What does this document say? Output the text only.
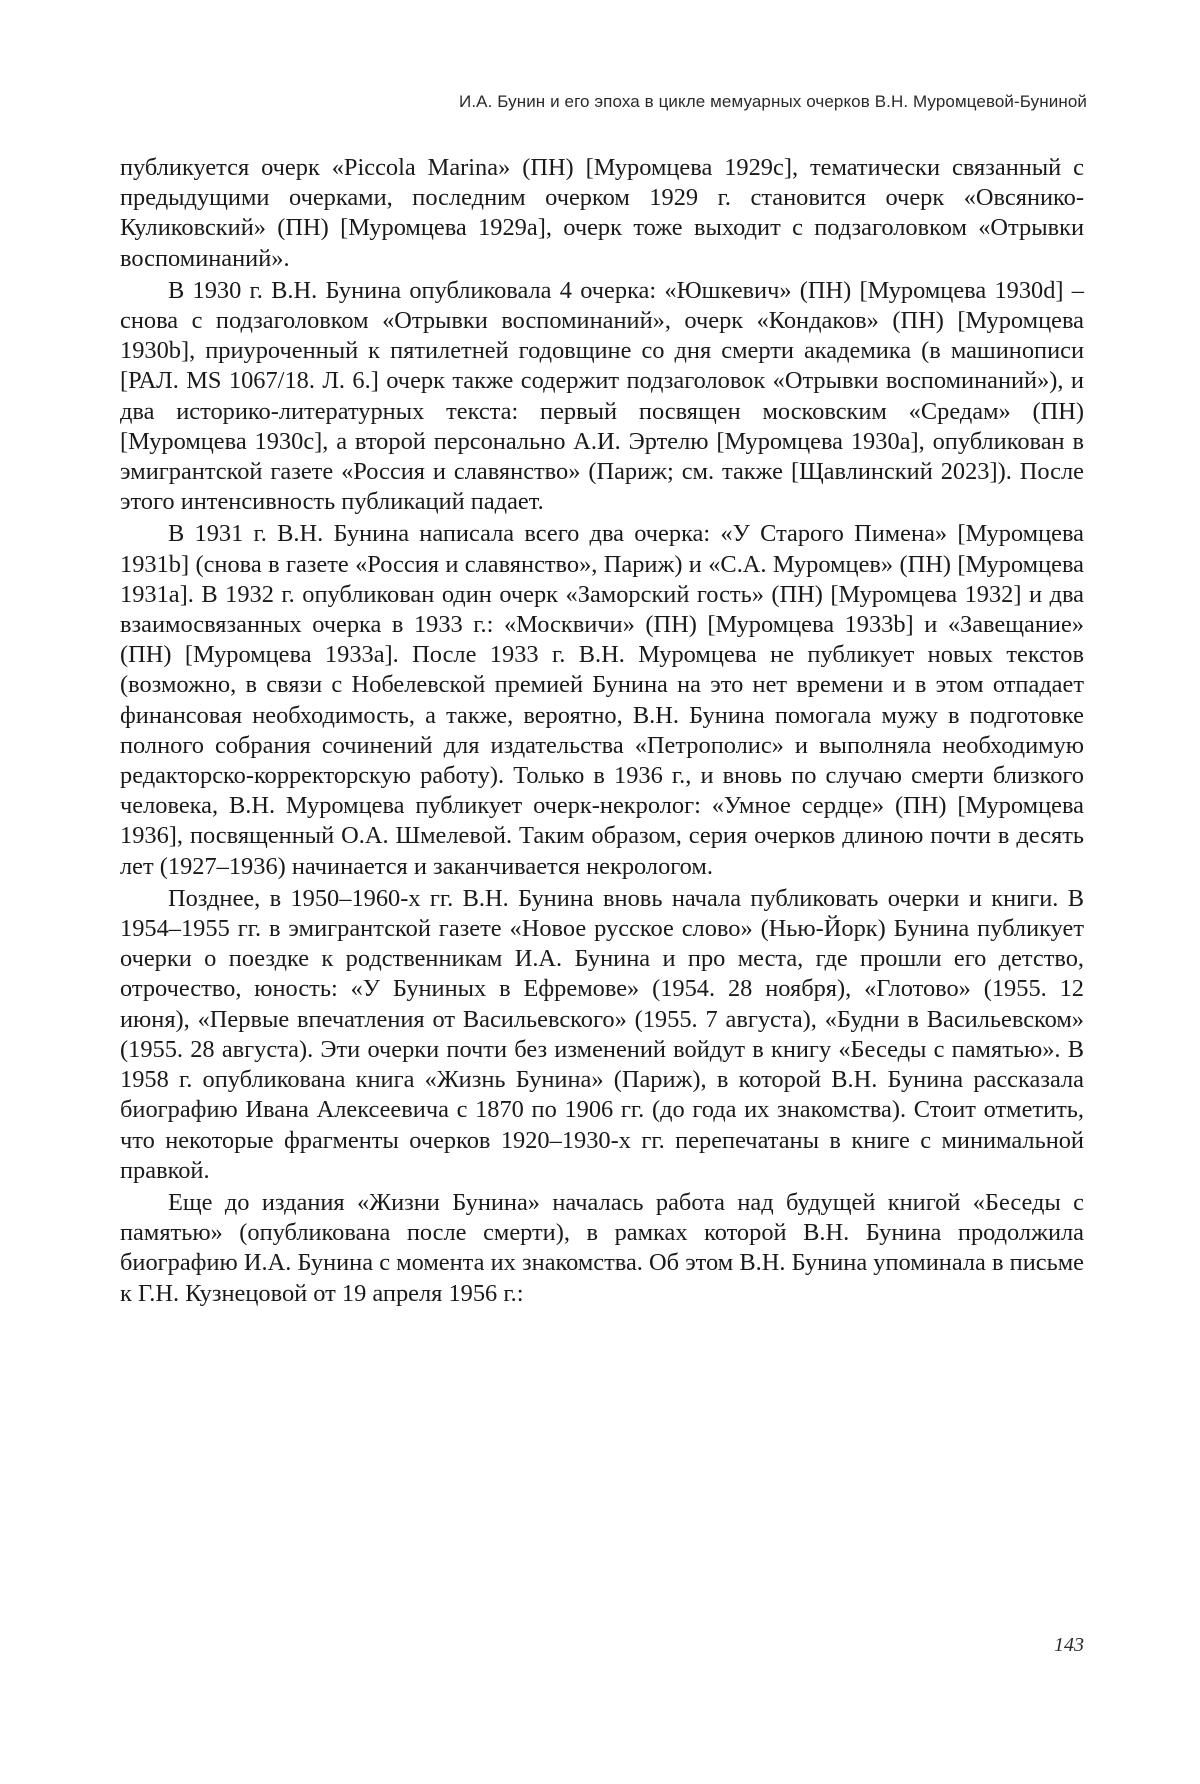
И.А. Бунин и его эпоха в цикле мемуарных очерков В.Н. Муромцевой-Буниной

публикуется очерк «Piccola Marina» (ПН) [Муромцева 1929c], тематически связанный с предыдущими очерками, последним очерком 1929 г. становится очерк «Овсянико-Куликовский» (ПН) [Муромцева 1929a], очерк тоже выходит с подзаголовком «Отрывки воспоминаний».

В 1930 г. В.Н. Бунина опубликовала 4 очерка: «Юшкевич» (ПН) [Муромцева 1930d] – снова с подзаголовком «Отрывки воспоминаний», очерк «Кондаков» (ПН) [Муромцева 1930b], приуроченный к пятилетней годовщине со дня смерти академика (в машинописи [РАЛ. MS 1067/18. Л. 6.] очерк также содержит подзаголовок «Отрывки воспоминаний»), и два историко-литературных текста: первый посвящен московским «Средам» (ПН) [Муромцева 1930c], а второй персонально А.И. Эртелю [Муромцева 1930a], опубликован в эмигрантской газете «Россия и славянство» (Париж; см. также [Щавлинский 2023]). После этого интенсивность публикаций падает.

В 1931 г. В.Н. Бунина написала всего два очерка: «У Старого Пимена» [Муромцева 1931b] (снова в газете «Россия и славянство», Париж) и «С.А. Муромцев» (ПН) [Муромцева 1931a]. В 1932 г. опубликован один очерк «Заморский гость» (ПН) [Муромцева 1932] и два взаимосвязанных очерка в 1933 г.: «Москвичи» (ПН) [Муромцева 1933b] и «Завещание» (ПН) [Муромцева 1933a]. После 1933 г. В.Н. Муромцева не публикует новых текстов (возможно, в связи с Нобелевской премией Бунина на это нет времени и в этом отпадает финансовая необходимость, а также, вероятно, В.Н. Бунина помогала мужу в подготовке полного собрания сочинений для издательства «Петрополис» и выполняла необходимую редакторско-корректорскую работу). Только в 1936 г., и вновь по случаю смерти близкого человека, В.Н. Муромцева публикует очерк-некролог: «Умное сердце» (ПН) [Муромцева 1936], посвященный О.А. Шмелевой. Таким образом, серия очерков длиною почти в десять лет (1927–1936) начинается и заканчивается некрологом.

Позднее, в 1950–1960-х гг. В.Н. Бунина вновь начала публиковать очерки и книги. В 1954–1955 гг. в эмигрантской газете «Новое русское слово» (Нью-Йорк) Бунина публикует очерки о поездке к родственникам И.А. Бунина и про места, где прошли его детство, отрочество, юность: «У Буниных в Ефремове» (1954. 28 ноября), «Глотово» (1955. 12 июня), «Первые впечатления от Васильевского» (1955. 7 августа), «Будни в Васильевском» (1955. 28 августа). Эти очерки почти без изменений войдут в книгу «Беседы с памятью». В 1958 г. опубликована книга «Жизнь Бунина» (Париж), в которой В.Н. Бунина рассказала биографию Ивана Алексеевича с 1870 по 1906 гг. (до года их знакомства). Стоит отметить, что некоторые фрагменты очерков 1920–1930-х гг. перепечатаны в книге с минимальной правкой.

Еще до издания «Жизни Бунина» началась работа над будущей книгой «Беседы с памятью» (опубликована после смерти), в рамках которой В.Н. Бунина продолжила биографию И.А. Бунина с момента их знакомства. Об этом В.Н. Бунина упоминала в письме к Г.Н. Кузнецовой от 19 апреля 1956 г.:

143
